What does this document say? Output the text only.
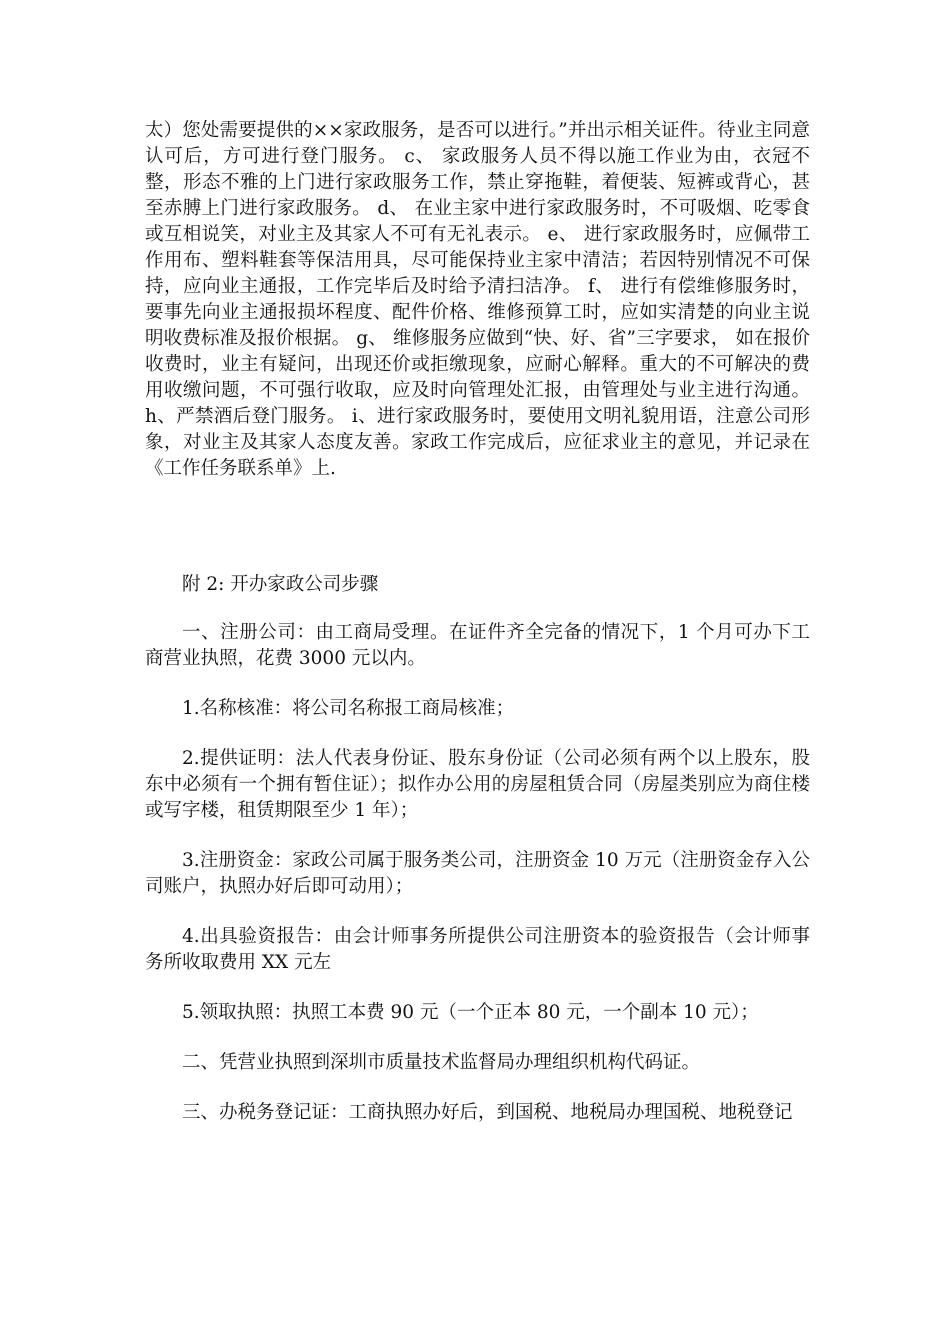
太）您处需要提供的××家政服务，是否可以进行。”并出示相关证件。待业主同意认可后，方可进行登门服务。 c、 家政服务人员不得以施工作业为由，衣冠不整，形态不雅的上门进行家政服务工作，禁止穿拖鞋，着便装、短裤或背心，甚至赤膊上门进行家政服务。 d、 在业主家中进行家政服务时，不可吸烟、吃零食或互相说笑，对业主及其家人不可有无礼表示。 e、 进行家政服务时，应佩带工作用布、塑料鞋套等保洁用具，尽可能保持业主家中清洁；若因特别情况不可保持，应向业主通报，工作完毕后及时给予清扫洁净。 f、 进行有偿维修服务时，要事先向业主通报损坏程度、配件价格、维修预算工时，应如实清楚的向业主说明收费标准及报价根据。 g、 维修服务应做到“快、好、省”三字要求， 如在报价收费时，业主有疑问，出现还价或拒缴现象，应耐心解释。重大的不可解决的费用收缴问题，不可强行收取，应及时向管理处汇报，由管理处与业主进行沟通。 h、严禁酒后登门服务。 i、进行家政服务时，要使用文明礼貌用语，注意公司形象，对业主及其家人态度友善。家政工作完成后，应征求业主的意见，并记录在《工作任务联系单》上.

附 2: 开办家政公司步骤

一、注册公司：由工商局受理。在证件齐全完备的情况下，1 个月可办下工商营业执照，花费 3000 元以内。

1.名称核准：将公司名称报工商局核准；

2.提供证明：法人代表身份证、股东身份证（公司必须有两个以上股东，股东中必须有一个拥有暂住证）；拟作办公用的房屋租赁合同（房屋类别应为商住楼或写字楼，租赁期限至少 1 年）；

3.注册资金：家政公司属于服务类公司，注册资金 10 万元（注册资金存入公司账户，执照办好后即可动用）；

4.出具验资报告：由会计师事务所提供公司注册资本的验资报告（会计师事务所收取费用 XX 元左

5.领取执照：执照工本费 90 元（一个正本 80 元，一个副本 10 元）；

二、凭营业执照到深圳市质量技术监督局办理组织机构代码证。

三、办税务登记证：工商执照办好后，到国税、地税局办理国税、地税登记
